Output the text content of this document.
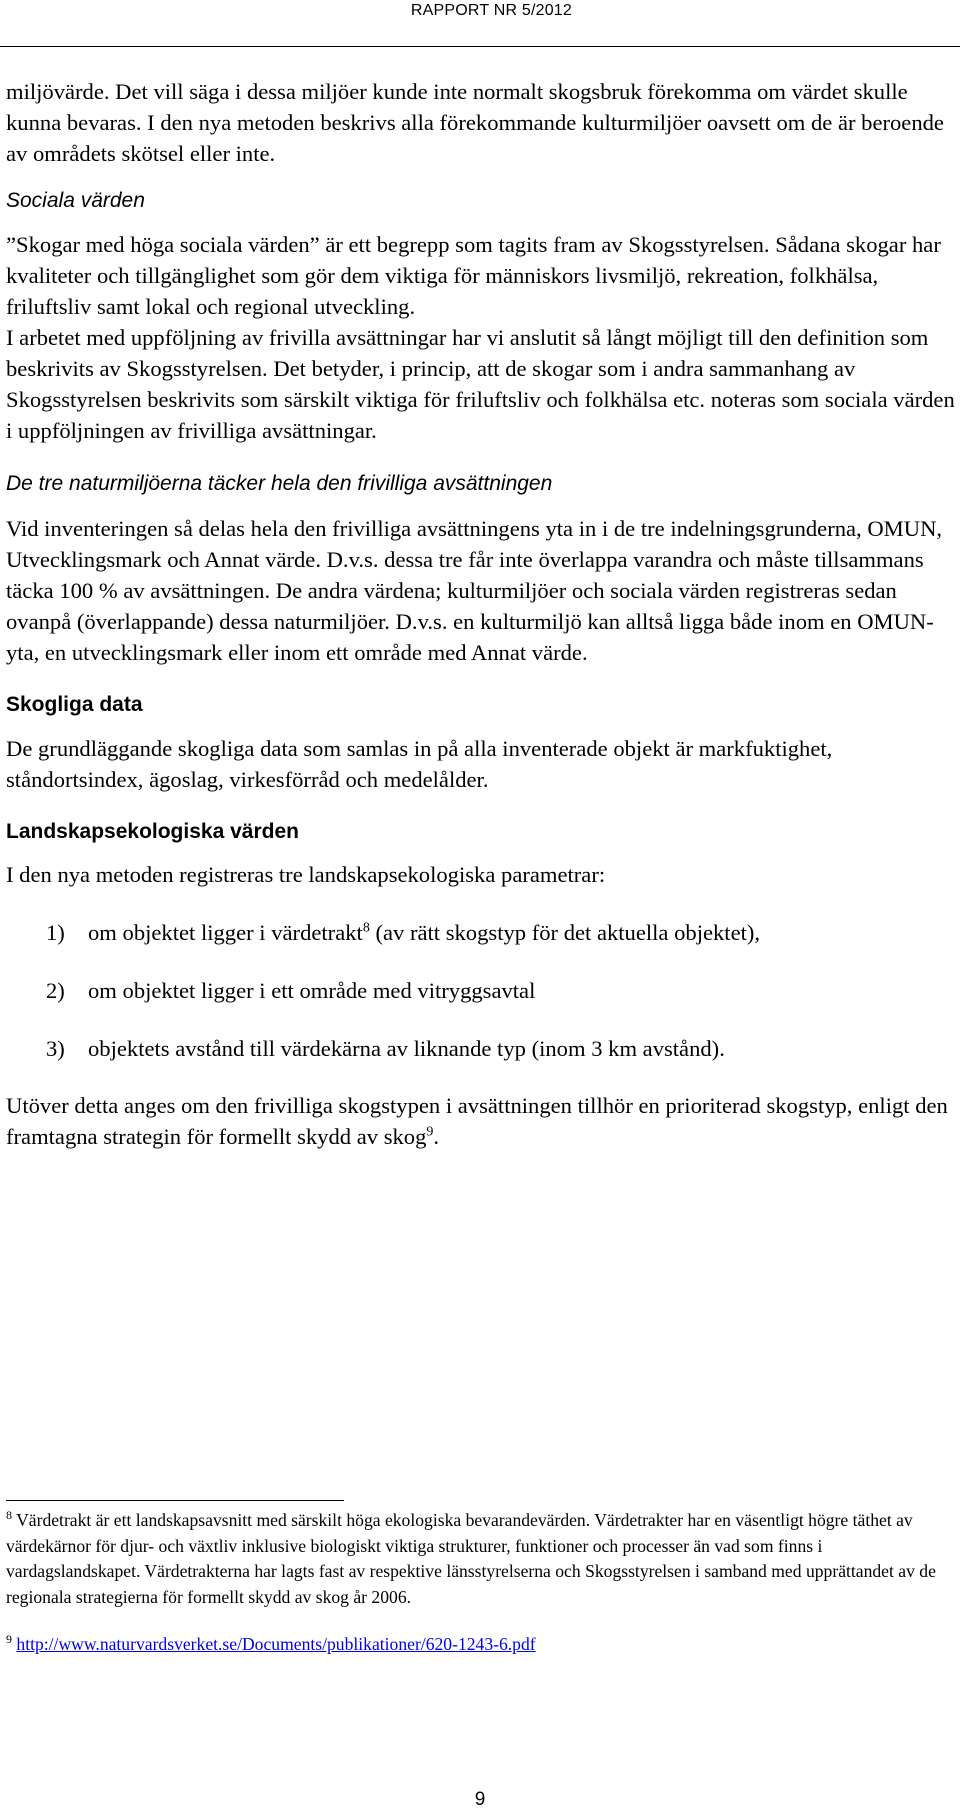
RAPPORT NR 5/2012

miljövärde. Det vill säga i dessa miljöer kunde inte normalt skogsbruk förekomma om värdet skulle kunna bevaras. I den nya metoden beskrivs alla förekommande kulturmiljöer oavsett om de är beroende av områdets skötsel eller inte.

Sociala värden

”Skogar med höga sociala värden” är ett begrepp som tagits fram av Skogsstyrelsen. Sådana skogar har kvaliteter och tillgänglighet som gör dem viktiga för människors livsmiljö, rekreation, folkhälsa, friluftsliv samt lokal och regional utveckling.

I arbetet med uppföljning av frivilla avsättningar har vi anslutit så långt möjligt till den definition som beskrivits av Skogsstyrelsen. Det betyder, i princip, att de skogar som i andra sammanhang av Skogsstyrelsen beskrivits som särskilt viktiga för friluftsliv och folkhälsa etc. noteras som sociala värden i uppföljningen av frivilliga avsättningar.

De tre naturmiljöerna täcker hela den frivilliga avsättningen

Vid inventeringen så delas hela den frivilliga avsättningens yta in i de tre indelningsgrunderna, OMUN, Utvecklingsmark och Annat värde. D.v.s. dessa tre får inte överlappa varandra och måste tillsammans täcka 100 % av avsättningen. De andra värdena; kulturmiljöer och sociala värden registreras sedan ovanpå (överlappande) dessa naturmiljöer. D.v.s. en kulturmiljö kan alltså ligga både inom en OMUN-yta, en utvecklingsmark eller inom ett område med Annat värde.

Skogliga data

De grundläggande skogliga data som samlas in på alla inventerade objekt är markfuktighet, ståndortsindex, ägoslag, virkesförråd och medelålder.

Landskapsekologiska värden

I den nya metoden registreras tre landskapsekologiska parametrar:

1) om objektet ligger i värdetrakt$^8$ (av rätt skogstyp för det aktuella objektet),

2) om objektet ligger i ett område med vitryggsavtal

3) objektets avstånd till värdekärna av liknande typ (inom 3 km avstånd).

Utöver detta anges om den frivilliga skogstypen i avsättningen tillhör en prioriterad skogstyp, enligt den framtagna strategin för formellt skydd av skog$^9$.

$^8$ Värdetrakt är ett landskapsavsnitt med särskilt höga ekologiska bevarandevärden. Värdetrakter har en väsentligt högre täthet av värdekärnor för djur- och växtliv inklusive biologiskt viktiga strukturer, funktioner och processer än vad som finns i vardagslandskapet. Värdetrakterna har lagts fast av respektive länsstyrelserna och Skogsstyrelsen i samband med upprättandet av de regionala strategierna för formellt skydd av skog år 2006.

$^9$ http://www.naturvardsverket.se/Documents/publikationer/620-1243-6.pdf

9
